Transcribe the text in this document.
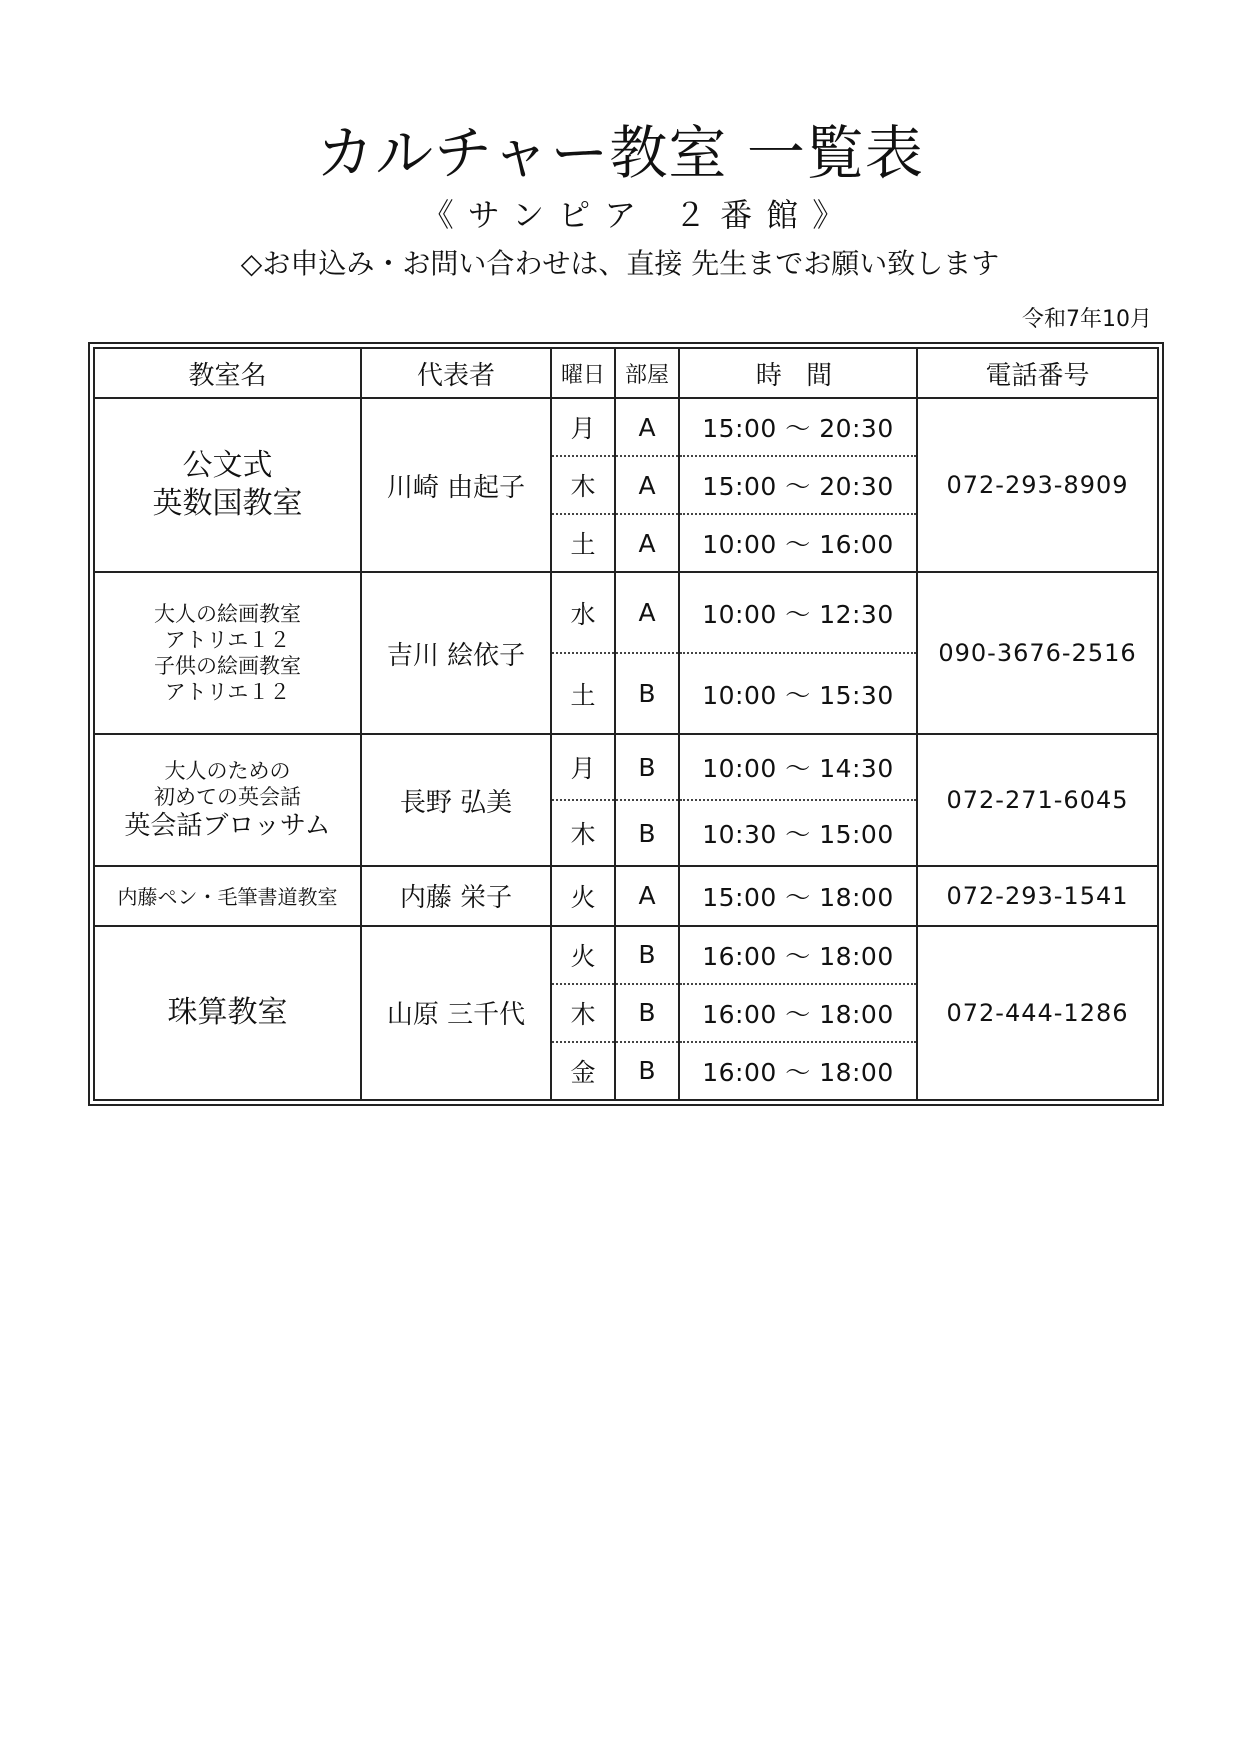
カルチャー教室 一覧表
《サンピア ２番館》
◇お申込み・お問い合わせは、直接 先生までお願い致します
令和7年10月
教室名	代表者	曜日	部屋	時 間	電話番号

公文式
英数国教室	川崎 由起子	月	A	15:00 ～ 20:30	072-293-8909
		木	A	15:00 ～ 20:30	
		土	A	10:00 ～ 16:00	

大人の絵画教室
アトリエ１２
子供の絵画教室
アトリエ１２	吉川 絵依子	水	A	10:00 ～ 12:30	090-3676-2516
		土	B	10:00 ～ 15:30	

大人のための
初めての英会話
英会話ブロッサム	長野 弘美	月	B	10:00 ～ 14:30	072-271-6045
		木	B	10:30 ～ 15:00	

内藤ペン・毛筆書道教室	内藤 栄子	火	A	15:00 ～ 18:00	072-293-1541

珠算教室	山原 三千代	火	B	16:00 ～ 18:00	072-444-1286
		木	B	16:00 ～ 18:00	
		金	B	16:00 ～ 18:00	
